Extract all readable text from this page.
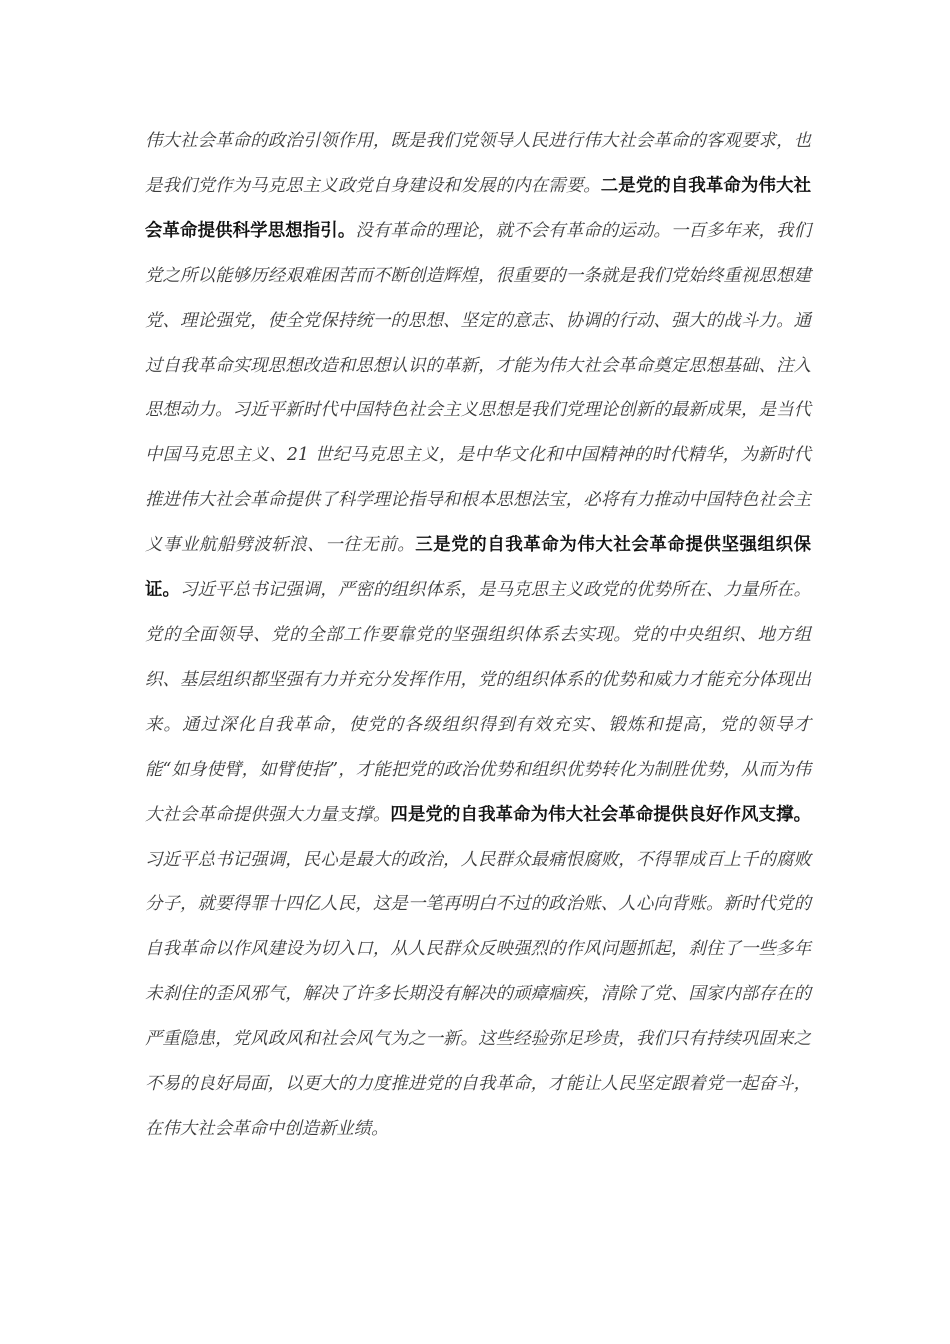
伟大社会革命的政治引领作用，既是我们党领导人民进行伟大社会革命的客观要求，也是我们党作为马克思主义政党自身建设和发展的内在需要。二是党的自我革命为伟大社会革命提供科学思想指引。没有革命的理论，就不会有革命的运动。一百多年来，我们党之所以能够历经艰难困苦而不断创造辉煌，很重要的一条就是我们党始终重视思想建党、理论强党，使全党保持统一的思想、坚定的意志、协调的行动、强大的战斗力。通过自我革命实现思想改造和思想认识的革新，才能为伟大社会革命奠定思想基础、注入思想动力。习近平新时代中国特色社会主义思想是我们党理论创新的最新成果，是当代中国马克思主义、21 世纪马克思主义，是中华文化和中国精神的时代精华，为新时代推进伟大社会革命提供了科学理论指导和根本思想法宝，必将有力推动中国特色社会主义事业航船劈波斩浪、一往无前。三是党的自我革命为伟大社会革命提供坚强组织保证。习近平总书记强调，严密的组织体系，是马克思主义政党的优势所在、力量所在。党的全面领导、党的全部工作要靠党的坚强组织体系去实现。党的中央组织、地方组织、基层组织都坚强有力并充分发挥作用，党的组织体系的优势和威力才能充分体现出来。通过深化自我革命，使党的各级组织得到有效充实、锻炼和提高，党的领导才能“如身使臂，如臂使指”，才能把党的政治优势和组织优势转化为制胜优势，从而为伟大社会革命提供强大力量支撑。四是党的自我革命为伟大社会革命提供良好作风支撑。习近平总书记强调，民心是最大的政治，人民群众最痛恨腐败，不得罪成百上千的腐败分子，就要得罪十四亿人民，这是一笔再明白不过的政治账、人心向背账。新时代党的自我革命以作风建设为切入口，从人民群众反映强烈的作风问题抓起，刹住了一些多年未刹住的歪风邪气，解决了许多长期没有解决的顽瘴痼疾，清除了党、国家内部存在的严重隐患，党风政风和社会风气为之一新。这些经验弥足珍贵，我们只有持续巩固来之不易的良好局面，以更大的力度推进党的自我革命，才能让人民坚定跟着党一起奋斗，在伟大社会革命中创造新业绩。
